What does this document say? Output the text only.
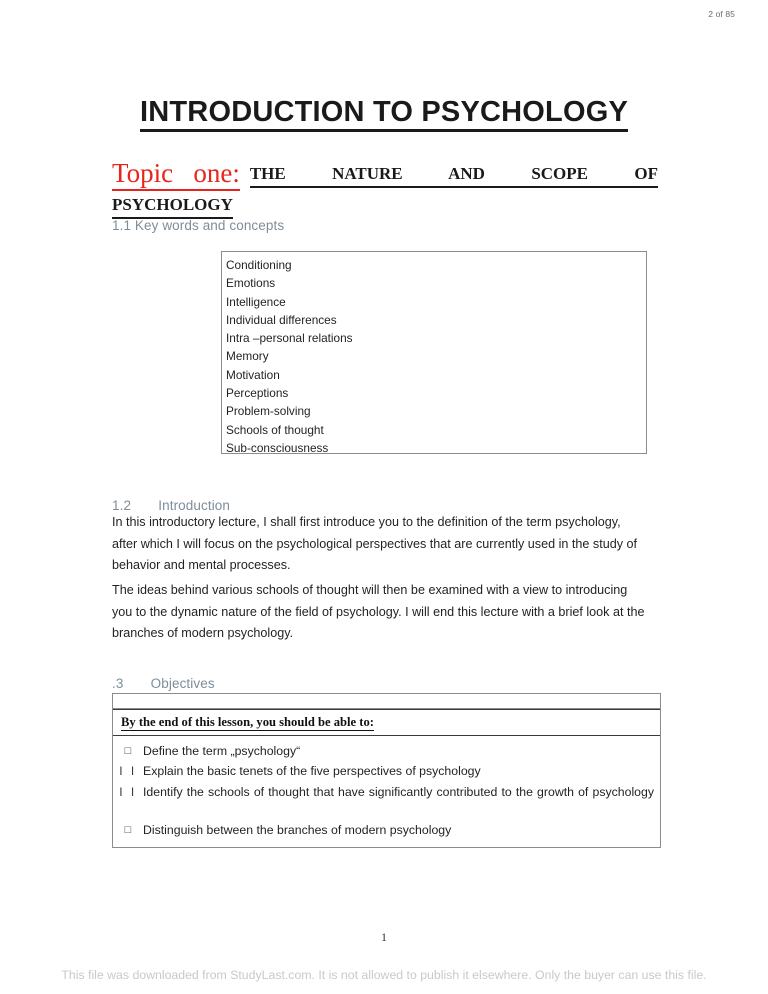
2 of 85
INTRODUCTION TO PSYCHOLOGY
Topic   one: THE  NATURE  AND  SCOPE  OF
PSYCHOLOGY
1.1 Key words and concepts
Conditioning
Emotions
Intelligence
Individual differences
Intra –personal relations
Memory
Motivation
Perceptions
Problem-solving
Schools of thought
Sub-consciousness
1.2  Introduction
In this introductory lecture, I shall first introduce you to the definition of the term psychology, after which I will focus on the psychological perspectives that are currently used in the study of behavior and mental processes.
The ideas behind various schools of thought will then be examined with a view to introducing you to the dynamic nature of the field of psychology. I will end this lecture with a brief look at the branches of modern psychology.
.3  Objectives
By the end of this lesson, you should be able to:
□ Define the term „psychology“
I I Explain the basic tenets of the five perspectives of psychology
I I Identify the schools of thought that have significantly contributed to the growth of psychology
□ Distinguish between the branches of modern psychology
1
This file was downloaded from StudyLast.com. It is not allowed to publish it elsewhere. Only the buyer can use this file.
